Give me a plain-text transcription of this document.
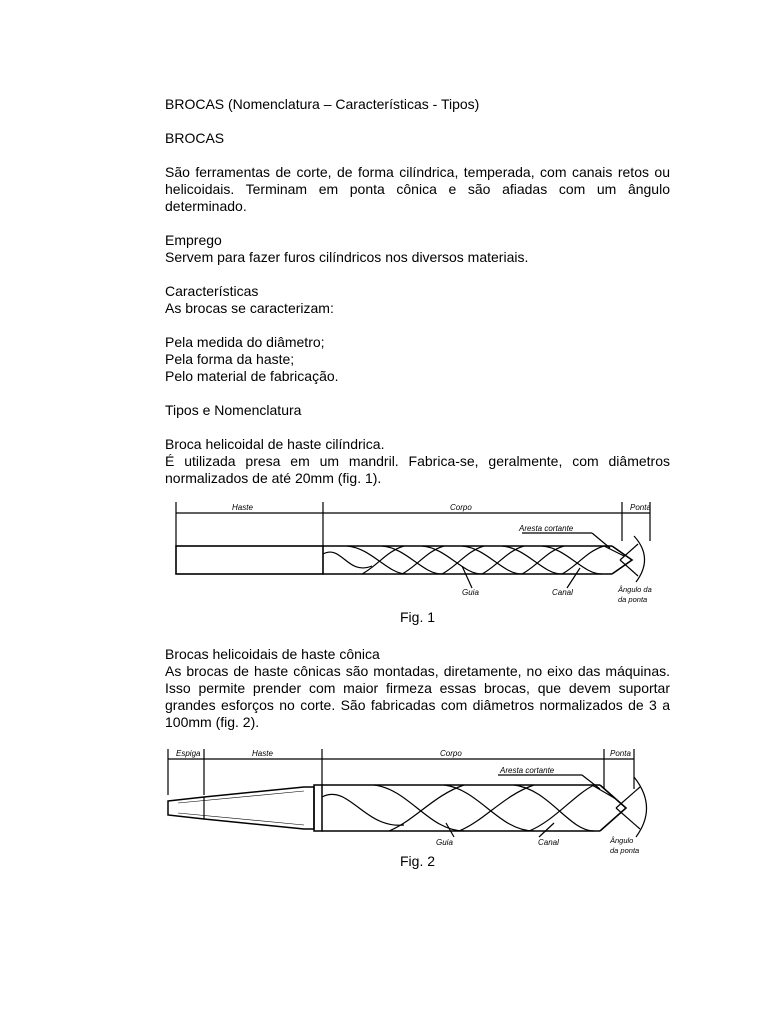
BROCAS (Nomenclatura – Características - Tipos)

BROCAS

São ferramentas de corte, de forma cilíndrica, temperada, com canais retos ou helicoidais. Terminam em ponta cônica e são afiadas com um ângulo determinado.

Emprego

Servem para fazer furos cilíndricos nos diversos materiais.

Características

As brocas se caracterizam:

Pela medida do diâmetro;
Pela forma da haste;
Pelo material de fabricação.

Tipos e Nomenclatura

Broca helicoidal de haste cilíndrica.

É utilizada presa em um mandril. Fabrica-se, geralmente, com diâmetros normalizados de até 20mm (fig. 1).

Brocas helicoidais de haste cônica

As brocas de haste cônicas são montadas, diretamente, no eixo das máquinas. Isso permite prender com maior firmeza essas brocas, que devem suportar grandes esforços no corte. São fabricadas com diâmetros normalizados de 3 a 100mm (fig. 2).

Haste	Corpo	Ponta
Aresta cortante
Guia	Canal	Ângulo da
da ponta
Fig. 1
Espiga	Haste	Corpo	Ponta
Aresta cortante
Guia	Canal	Ângulo
da ponta
Fig. 2
